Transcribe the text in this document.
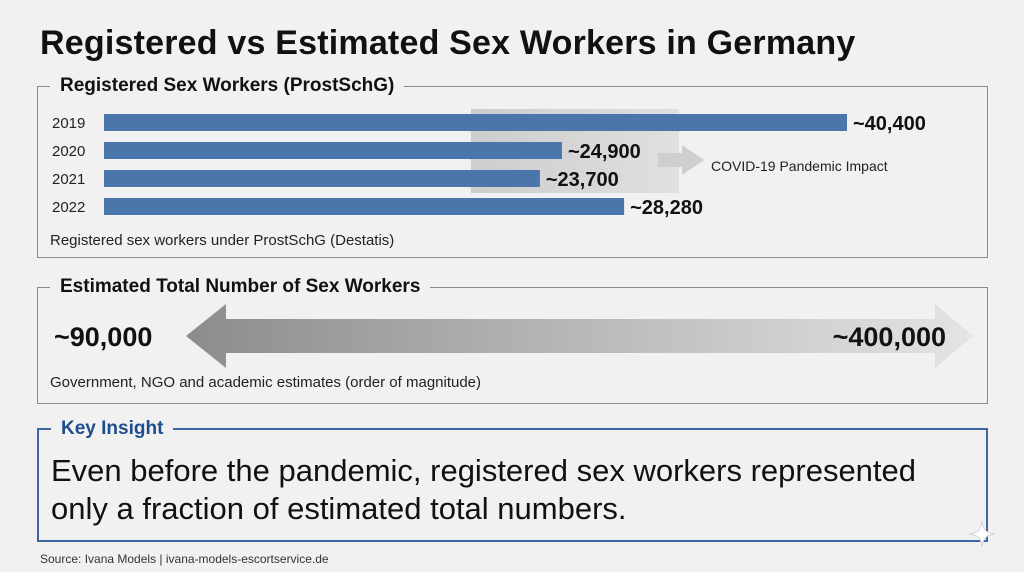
Registered vs Estimated Sex Workers in Germany
Registered Sex Workers (ProstSchG)
2019	~40,400
2020	~24,900
2021	~23,700
2022	~28,280
COVID-19 Pandemic Impact
Registered sex workers under ProstSchG (Destatis)
Estimated Total Number of Sex Workers
~90,000	~400,000
Government, NGO and academic estimates (order of magnitude)
Key Insight
Even before the pandemic, registered sex workers represented only a fraction of estimated total numbers.
Source: Ivana Models | ivana-models-escortservice.de
